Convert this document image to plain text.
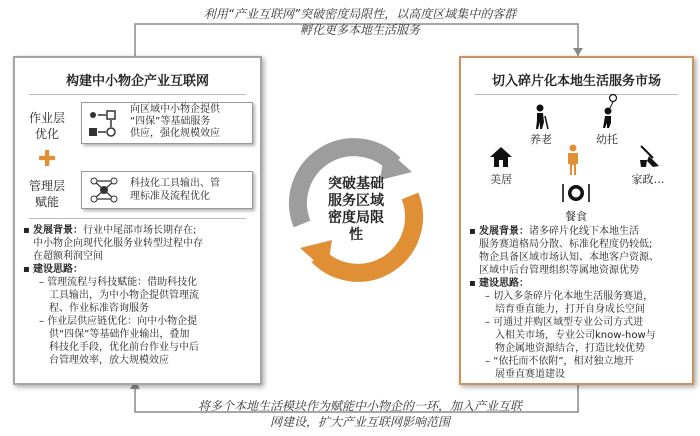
利用“产业互联网”突破密度局限性，以高度区域集中的客群
孵化更多本地生活服务
构建中小物企产业互联网
作业层
优化
向区域中小物企提供
“四保”等基础服务
供应，强化规模效应
✚
管理层
赋能
科技化工具输出、管
理标准及流程优化
▪ 发展背景：行业中尾部市场长期存在;
中小物企向现代化服务业转型过程中存
在超额利润空间
▪ 建设思路：
– 管理流程与科技赋能：借助科技化
工具输出，为中小物企提供管理流
程、作业标准咨询服务
– 作业层供应链优化：向中小物企提
供“四保”等基础作业输出，叠加
科技化手段，优化前台作业与中后
台管理效率，放大规模效应
突破基础
服务区域
密度局限
性
切入碎片化本地生活服务市场
养老	幼托
美居	家政…
餐食
▪ 发展背景：诸多碎片化线下本地生活
服务赛道格局分散、标准化程度仍较低;
物企具备区域市场认知、本地客户资源、
区域中后台管理组织等属地资源优势
▪ 建设思路：
– 切入多条碎片化本地生活服务赛道，
培育垂直能力，打开自身成长空间
– 可通过并购区域型专业公司方式进
入相关市场，专业公司know-how与
物企属地资源结合，打造比较优势
– “依托而不依附”，相对独立地开
展垂直赛道建设
将多个本地生活模块作为赋能中小物企的一环，加入产业互联
网建设，扩大产业互联网影响范围
